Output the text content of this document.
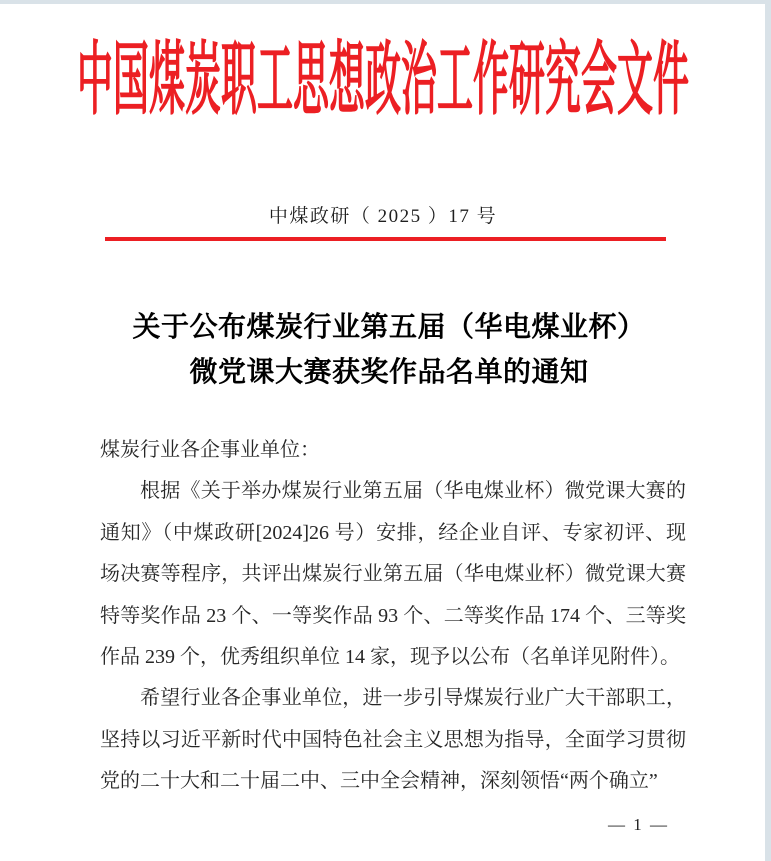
中国煤炭职工思想政治工作研究会文件
中煤政研（ 2025 ）17 号
关于公布煤炭行业第五届（华电煤业杯）
微党课大赛获奖作品名单的通知

煤炭行业各企事业单位：

根据《关于举办煤炭行业第五届（华电煤业杯）微党课大赛的通知》（中煤政研[2024]26 号）安排，经企业自评、专家初评、现场决赛等程序，共评出煤炭行业第五届（华电煤业杯）微党课大赛特等奖作品 23 个、一等奖作品 93 个、二等奖作品 174 个、三等奖作品 239 个，优秀组织单位 14 家，现予以公布（名单详见附件）。

希望行业各企事业单位，进一步引导煤炭行业广大干部职工，坚持以习近平新时代中国特色社会主义思想为指导，全面学习贯彻党的二十大和二十届二中、三中全会精神，深刻领悟“两个确立”

— 1 —
